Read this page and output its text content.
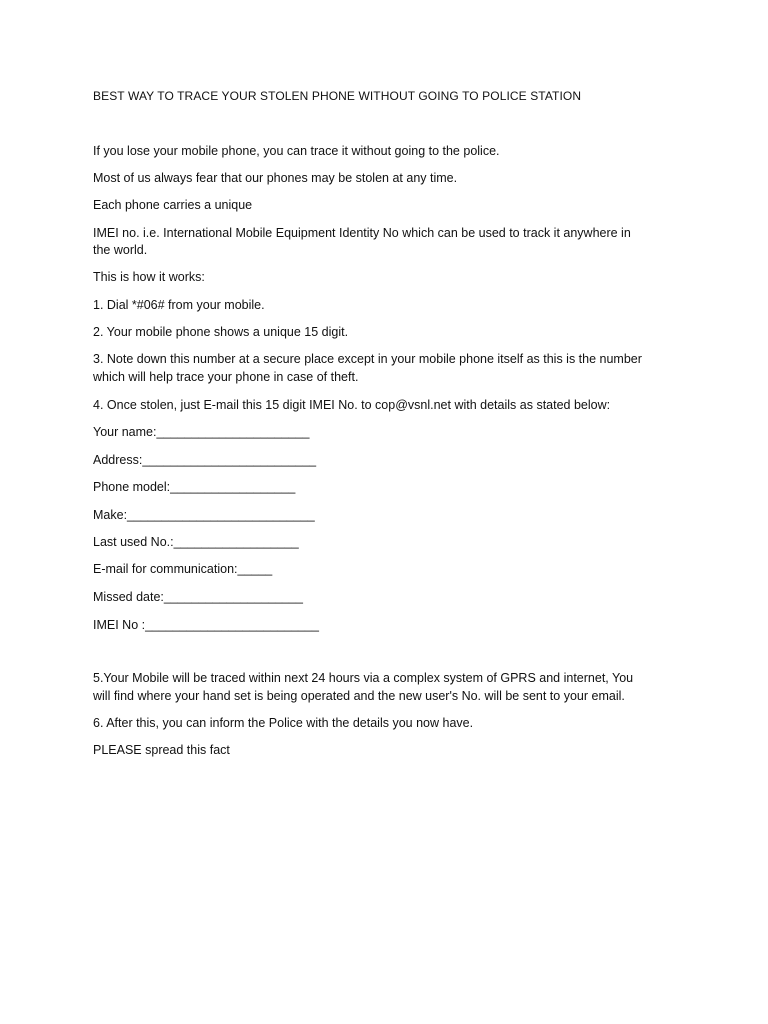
BEST WAY TO TRACE YOUR STOLEN PHONE WITHOUT GOING TO POLICE STATION

If you lose your mobile phone, you can trace it without going to the police.

Most of us always fear that our phones may be stolen at any time.

Each phone carries a unique

IMEI no. i.e. International Mobile Equipment Identity No which can be used to track it anywhere in

the world.

This is how it works:

1. Dial *#06# from your mobile.

2. Your mobile phone shows a unique 15 digit.

3. Note down this number at a secure place except in your mobile phone itself as this is the number

which will help trace your phone in case of theft.

4. Once stolen, just E-mail this 15 digit IMEI No. to cop@vsnl.net with details as stated below:

Your name:______________________

Address:_________________________

Phone model:__________________

Make:___________________________

Last used No.:__________________

E-mail for communication:_____

Missed date:____________________

IMEI No :_________________________

5.Your Mobile will be traced within next 24 hours via a complex system of GPRS and internet, You

will find where your hand set is being operated and the new user's No. will be sent to your email.

6. After this, you can inform the Police with the details you now have.

PLEASE spread this fact
